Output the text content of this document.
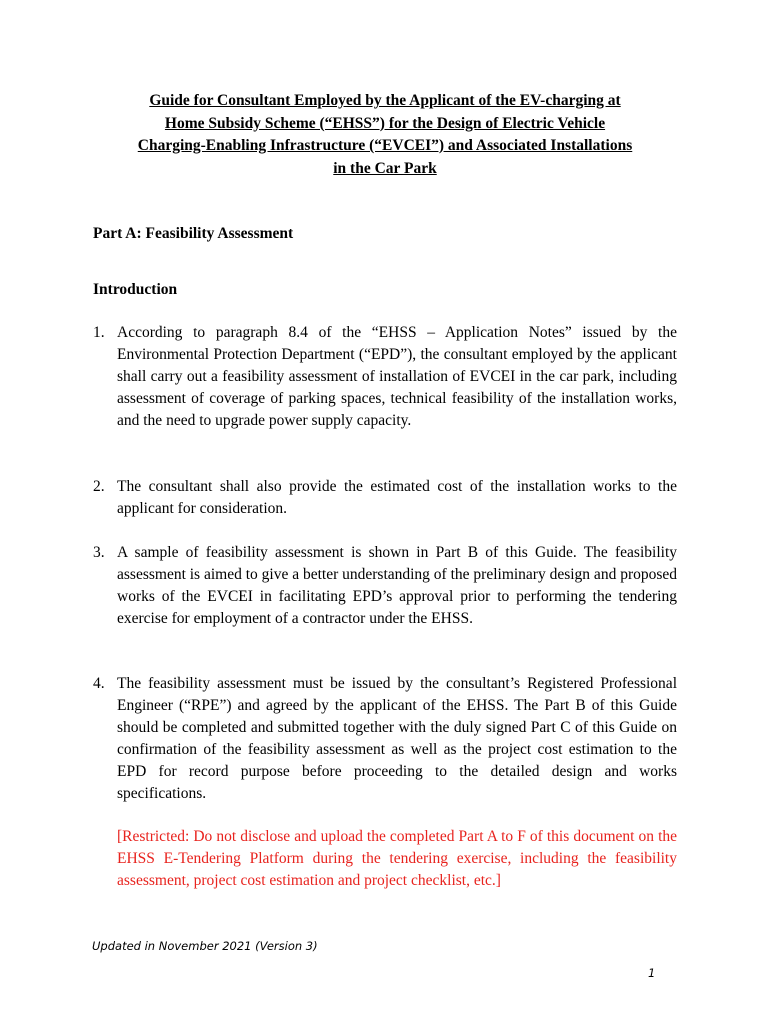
Guide for Consultant Employed by the Applicant of the EV-charging at
Home Subsidy Scheme (“EHSS”) for the Design of Electric Vehicle
Charging-Enabling Infrastructure (“EVCEI”) and Associated Installations
in the Car Park
Part A: Feasibility Assessment
Introduction
1. According to paragraph 8.4 of the “EHSS – Application Notes” issued by the Environmental Protection Department (“EPD”), the consultant employed by the applicant shall carry out a feasibility assessment of installation of EVCEI in the car park, including assessment of coverage of parking spaces, technical feasibility of the installation works, and the need to upgrade power supply capacity.
2. The consultant shall also provide the estimated cost of the installation works to the applicant for consideration.
3. A sample of feasibility assessment is shown in Part B of this Guide. The feasibility assessment is aimed to give a better understanding of the preliminary design and proposed works of the EVCEI in facilitating EPD’s approval prior to performing the tendering exercise for employment of a contractor under the EHSS.
4. The feasibility assessment must be issued by the consultant’s Registered Professional Engineer (“RPE”) and agreed by the applicant of the EHSS. The Part B of this Guide should be completed and submitted together with the duly signed Part C of this Guide on confirmation of the feasibility assessment as well as the project cost estimation to the EPD for record purpose before proceeding to the detailed design and works specifications.
[Restricted: Do not disclose and upload the completed Part A to F of this document on the EHSS E-Tendering Platform during the tendering exercise, including the feasibility assessment, project cost estimation and project checklist, etc.]
Updated in November 2021 (Version 3)
1
